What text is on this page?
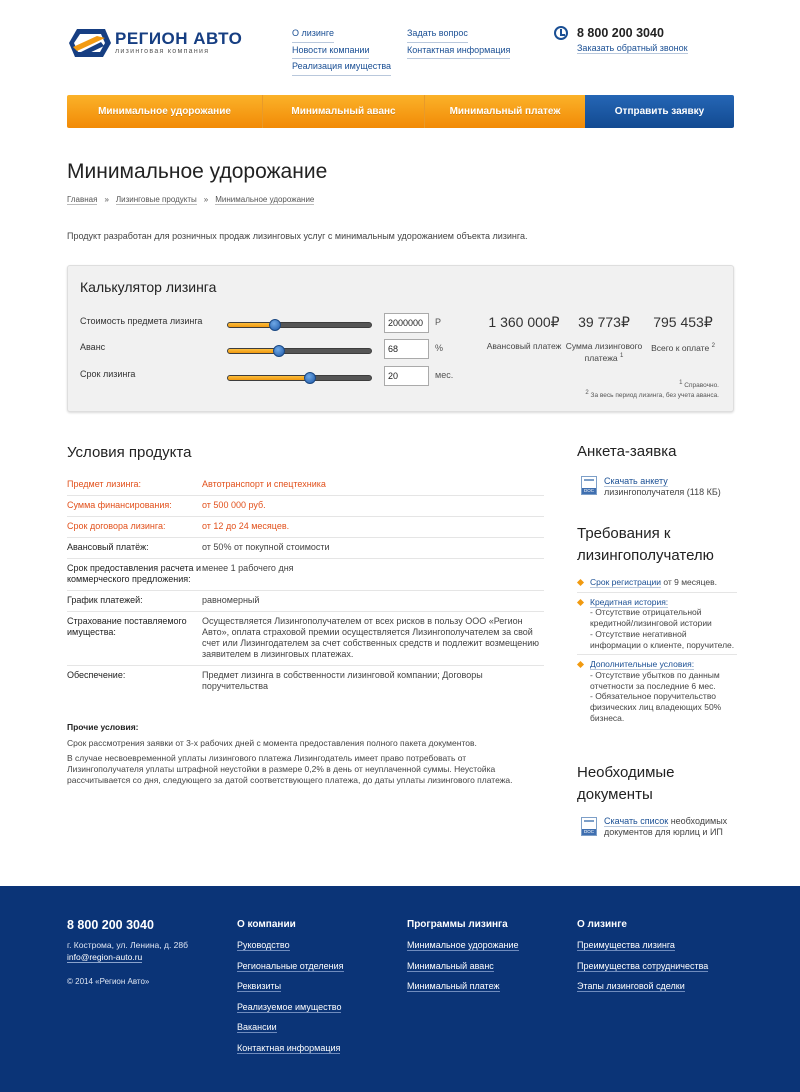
РЕГИОН АВТО
лизинговая компания
О лизинге
Новости компании
Реализация имущества
Задать вопрос
Контактная информация
8 800 200 3040
Заказать обратный звонок
Минимальное удорожание	Минимальный аванс	Минимальный платеж	Отправить заявку
Минимальное удорожание
Главная » Лизинговые продукты » Минимальное удорожание

Продукт разработан для розничных продаж лизинговых услуг с минимальным удорожанием объекта лизинга.

Калькулятор лизинга
Стоимость предмета лизинга
2000000	Р
Аванс
68	%
Срок лизинга
20	мес.
1 360 000₽
Авансовый платеж
39 773₽
Сумма лизингового платежа $^1$
795 453₽
Всего к оплате $^2$
$^1$ Справочно.
$^2$ За весь период лизинга, без учета аванса.
Условия продукта
Предмет лизинга:	Автотранспорт и спецтехника
Сумма финансирования:	от 500 000 руб.
Срок договора лизинга:	от 12 до 24 месяцев.
Авансовый платёж:	от 50% от покупной стоимости
Срок предоставления расчета и коммерческого предложения:
менее 1 рабочего дня
График платежей:	равномерный
Страхование поставляемого имущества:
Осуществляется Лизингополучателем от всех рисков в пользу ООО «Регион Авто», оплата страховой премии осуществляется Лизингополучателем за свой счет или Лизингодателем за счет собственных средств и подлежит возмещению заявителем в лизинговых платежах.
Обеспечение:	Предмет лизинга в собственности лизинговой компании; Договоры поручительства
Прочие условия:

Срок рассмотрения заявки от 3-х рабочих дней с момента предоставления полного пакета документов.

В случае несвоевременной уплаты лизингового платежа Лизингодатель имеет право потребовать от Лизингополучателя уплаты штрафной неустойки в размере 0,2% в день от неуплаченной суммы. Неустойка рассчитывается со дня, следующего за датой соответствующего платежа, до даты уплаты лизингового платежа.

Анкета-заявка
DOC
Скачать анкету
лизингополучателя (118 КБ)
Требования к
лизингополучателю
Срок регистрации от 9 месяцев.
Кредитная история:
- Отсутствие отрицательной кредитной/лизинговой истории
- Отсутствие негативной информации о клиенте, поручителе.
Дополнительные условия:
- Отсутствие убытков по данным отчетности за последние 6 мес.
- Обязательное поручительство физических лиц владеющих 50% бизнеса.
Необходимые
документы
DOC
Скачать список необходимых
документов для юрлиц и ИП
8 800 200 3040
г. Кострома, ул. Ленина, д. 28б
info@region-auto.ru
© 2014 «Регион Авто»
О компании
Руководство
Региональные отделения
Реквизиты
Реализуемое имущество
Вакансии
Контактная информация
Программы лизинга
Минимальное удорожание
Минимальный аванс
Минимальный платеж
О лизинге
Преимущества лизинга
Преимущества сотрудничества
Этапы лизинговой сделки
